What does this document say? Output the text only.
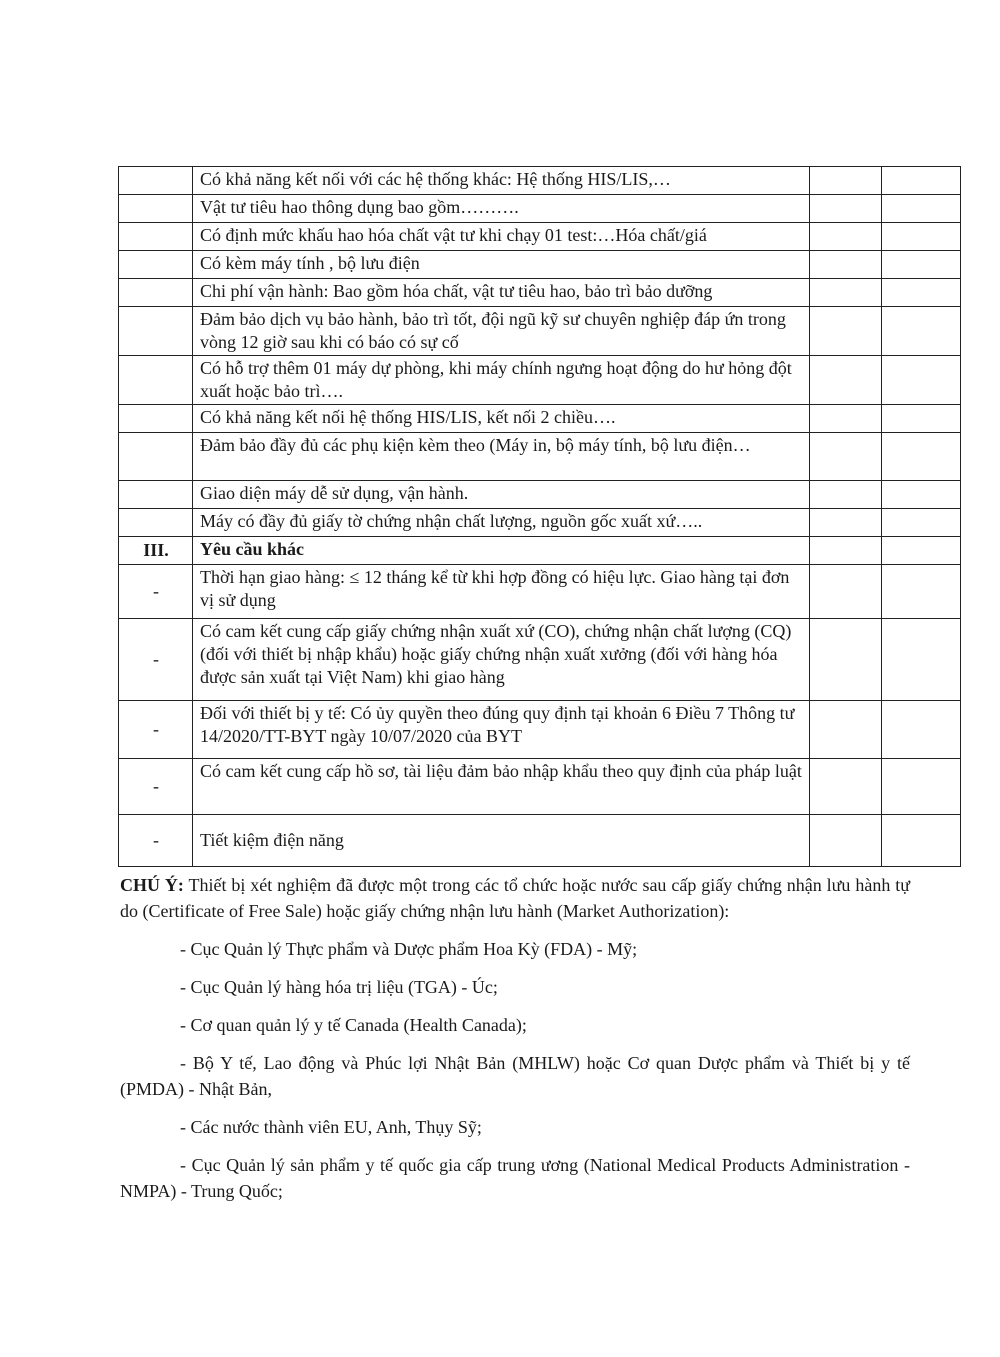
	Có khả năng kết nối với các hệ thống khác: Hệ thống HIS/LIS,…		
	Vật tư tiêu hao thông dụng bao gồm……….		
	Có định mức khấu hao hóa chất vật tư khi chạy 01 test:…Hóa chất/giá		
	Có kèm máy tính , bộ lưu điện		
	Chi phí vận hành: Bao gồm hóa chất, vật tư tiêu hao, bảo trì bảo dưỡng		
	Đảm bảo dịch vụ bảo hành, bảo trì tốt, đội ngũ kỹ sư chuyên nghiệp đáp ứn trong vòng 12 giờ sau khi có báo có sự cố		
	Có hỗ trợ thêm 01 máy dự phòng, khi máy chính ngưng hoạt động do hư hỏng đột xuất hoặc bảo trì….		
	Có khả năng kết nối hệ thống HIS/LIS, kết nối 2 chiều….		
	Đảm bảo đầy đủ các phụ kiện kèm theo (Máy in, bộ máy tính, bộ lưu điện…		
	Giao diện máy dễ sử dụng, vận hành.		
	Máy có đầy đủ giấy tờ chứng nhận chất lượng, nguồn gốc xuất xứ…..		
III.	Yêu cầu khác		
-	Thời hạn giao hàng: ≤ 12 tháng kể từ khi hợp đồng có hiệu lực. Giao hàng tại đơn vị sử dụng		
-	Có cam kết cung cấp giấy chứng nhận xuất xứ (CO), chứng nhận chất lượng (CQ) (đối với thiết bị nhập khẩu) hoặc giấy chứng nhận xuất xưởng (đối với hàng hóa được sản xuất tại Việt Nam) khi giao hàng		
-	Đối với thiết bị y tế: Có ủy quyền theo đúng quy định tại khoản 6 Điều 7 Thông tư 14/2020/TT-BYT ngày 10/07/2020 của BYT		
-	Có cam kết cung cấp hồ sơ, tài liệu đảm bảo nhập khẩu theo quy định của pháp luật		
-	Tiết kiệm điện năng		

CHÚ Ý: Thiết bị xét nghiệm đã được một trong các tổ chức hoặc nước sau cấp giấy chứng nhận lưu hành tự do (Certificate of Free Sale) hoặc giấy chứng nhận lưu hành (Market Authorization):

- Cục Quản lý Thực phẩm và Dược phẩm Hoa Kỳ (FDA) - Mỹ;

- Cục Quản lý hàng hóa trị liệu (TGA) - Úc;

- Cơ quan quản lý y tế Canada (Health Canada);

- Bộ Y tế, Lao động và Phúc lợi Nhật Bản (MHLW) hoặc Cơ quan Dược phẩm và Thiết bị y tế (PMDA) - Nhật Bản,

- Các nước thành viên EU, Anh, Thụy Sỹ;

- Cục Quản lý sản phẩm y tế quốc gia cấp trung ương (National Medical Products Administration - NMPA) - Trung Quốc;
